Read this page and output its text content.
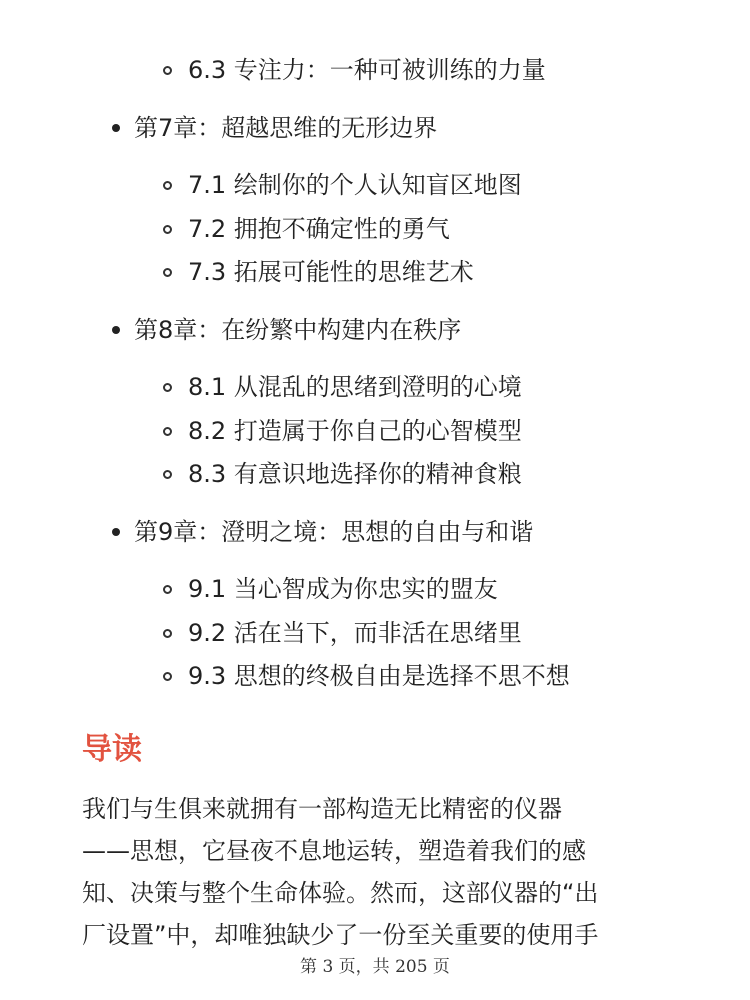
6.3 专注力：一种可被训练的力量
第7章：超越思维的无形边界
7.1 绘制你的个人认知盲区地图
7.2 拥抱不确定性的勇气
7.3 拓展可能性的思维艺术
第8章：在纷繁中构建内在秩序
8.1 从混乱的思绪到澄明的心境
8.2 打造属于你自己的心智模型
8.3 有意识地选择你的精神食粮
第9章：澄明之境：思想的自由与和谐
9.1 当心智成为你忠实的盟友
9.2 活在当下，而非活在思绪里
9.3 思想的终极自由是选择不思不想
导读
我们与生俱来就拥有一部构造无比精密的仪器
——思想，它昼夜不息地运转，塑造着我们的感
知、决策与整个生命体验。然而，这部仪器的“出
厂设置”中，却唯独缺少了一份至关重要的使用手
第 3 页，共 205 页
